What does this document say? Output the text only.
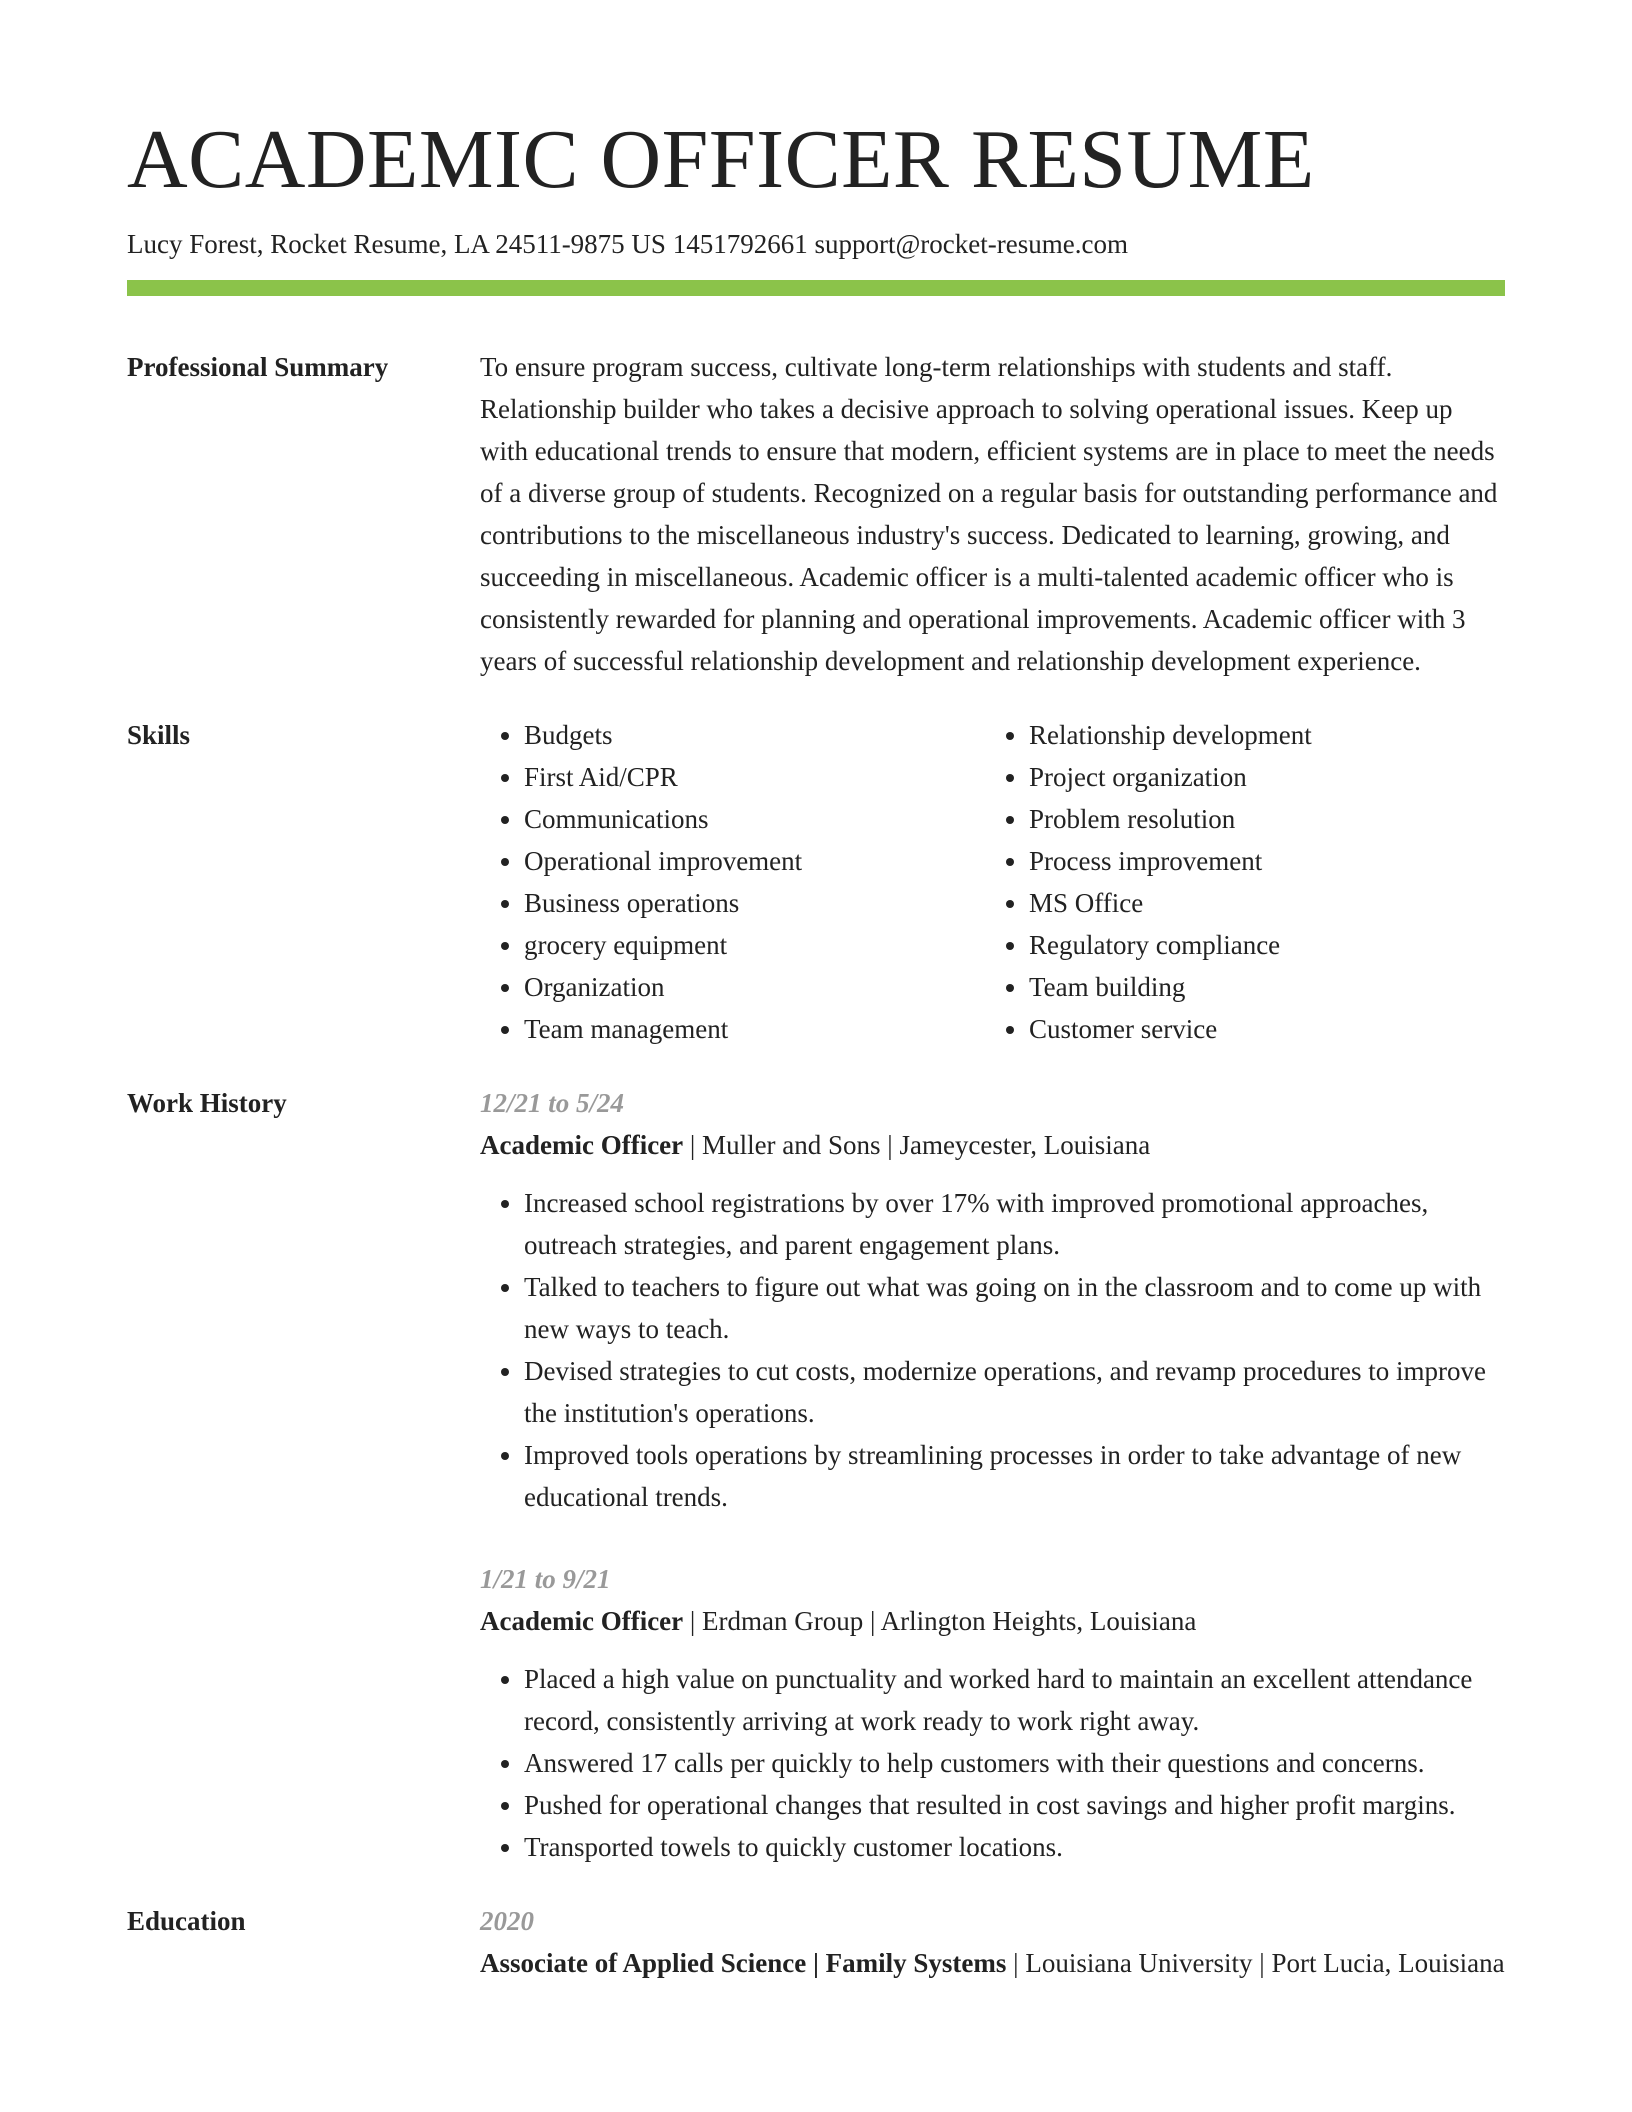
ACADEMIC OFFICER RESUME
Lucy Forest, Rocket Resume, LA 24511-9875 US 1451792661 support@rocket-resume.com
Professional Summary	To ensure program success, cultivate long-term relationships with students and staff. Relationship builder who takes a decisive approach to solving operational issues. Keep up with educational trends to ensure that modern, efficient systems are in place to meet the needs of a diverse group of students. Recognized on a regular basis for outstanding performance and contributions to the miscellaneous industry's success. Dedicated to learning, growing, and succeeding in miscellaneous. Academic officer is a multi-talented academic officer who is consistently rewarded for planning and operational improvements. Academic officer with 3 years of successful relationship development and relationship development experience.
Skills
•	Budgets
• First Aid/CPR
• Communications
• Operational improvement
• Business operations
• grocery equipment
• Organization
• Team management
• Relationship development
• Project organization
• Problem resolution
• Process improvement
• MS Office
• Regulatory compliance
• Team building
• Customer service
Work History	12/21 to 5/24
Academic Officer | Muller and Sons | Jameycester, Louisiana
• Increased school registrations by over 17% with improved promotional approaches, outreach strategies, and parent engagement plans.
• Talked to teachers to figure out what was going on in the classroom and to come up with new ways to teach.
• Devised strategies to cut costs, modernize operations, and revamp procedures to improve the institution's operations.
• Improved tools operations by streamlining processes in order to take advantage of new educational trends.
1/21 to 9/21
Academic Officer | Erdman Group | Arlington Heights, Louisiana
• Placed a high value on punctuality and worked hard to maintain an excellent attendance record, consistently arriving at work ready to work right away.
• Answered 17 calls per quickly to help customers with their questions and concerns.
• Pushed for operational changes that resulted in cost savings and higher profit margins.
• Transported towels to quickly customer locations.
Education	2020
Associate of Applied Science | Family Systems | Louisiana University | Port Lucia, Louisiana
